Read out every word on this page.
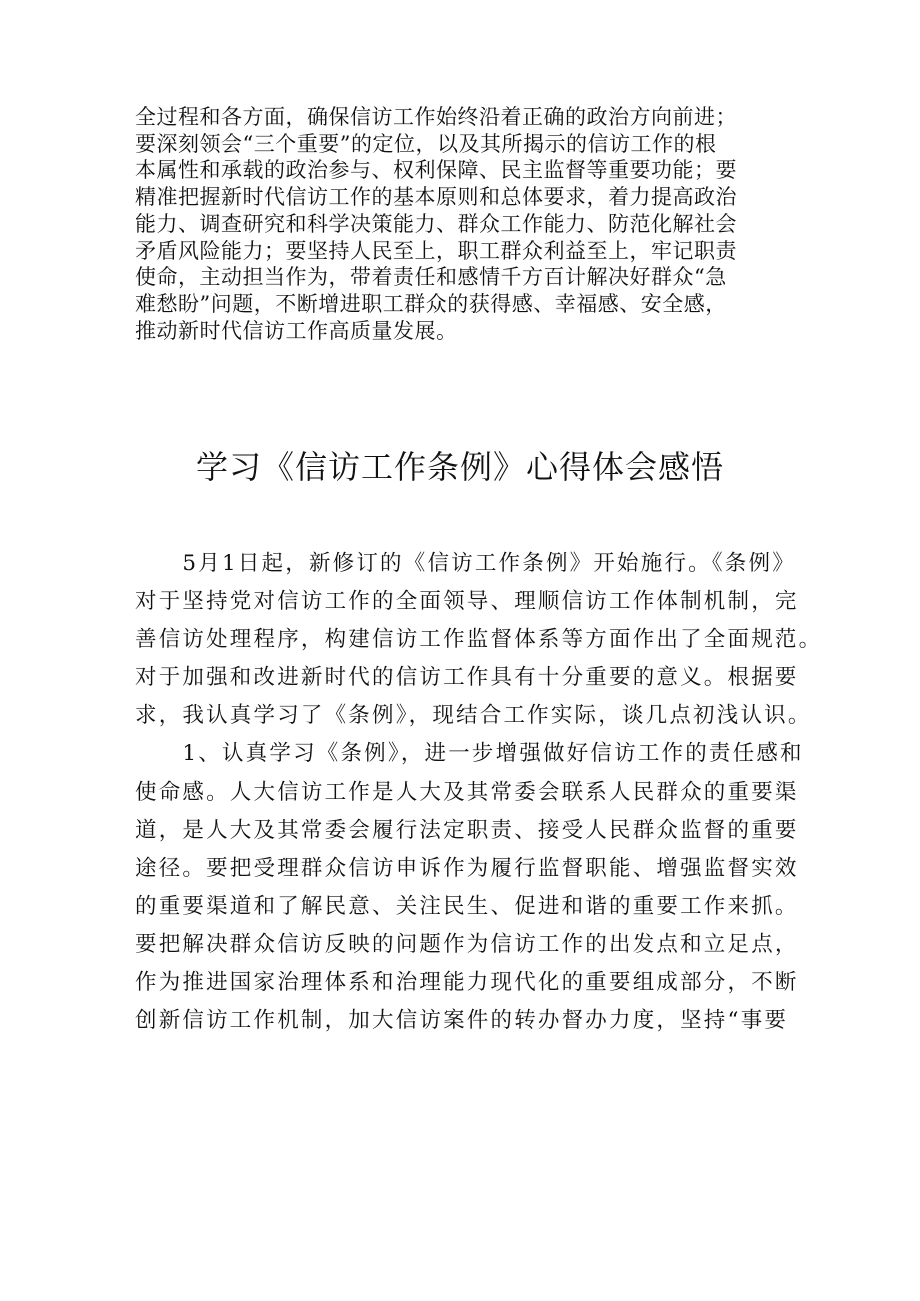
全过程和各方面，确保信访工作始终沿着正确的政治方向前进；
要深刻领会“三个重要”的定位，以及其所揭示的信访工作的根
本属性和承载的政治参与、权利保障、民主监督等重要功能；要
精准把握新时代信访工作的基本原则和总体要求，着力提高政治
能力、调查研究和科学决策能力、群众工作能力、防范化解社会
矛盾风险能力；要坚持人民至上，职工群众利益至上，牢记职责
使命，主动担当作为，带着责任和感情千方百计解决好群众“急
难愁盼”问题，不断增进职工群众的获得感、幸福感、安全感，
推动新时代信访工作高质量发展。
学习《信访工作条例》心得体会感悟
　　5月1日起，新修订的《信访工作条例》开始施行。《条例》
对于坚持党对信访工作的全面领导、理顺信访工作体制机制，完
善信访处理程序，构建信访工作监督体系等方面作出了全面规范。
对于加强和改进新时代的信访工作具有十分重要的意义。根据要
求，我认真学习了《条例》，现结合工作实际，谈几点初浅认识。
　　1、认真学习《条例》，进一步增强做好信访工作的责任感和
使命感。人大信访工作是人大及其常委会联系人民群众的重要渠
道，是人大及其常委会履行法定职责、接受人民群众监督的重要
途径。要把受理群众信访申诉作为履行监督职能、增强监督实效
的重要渠道和了解民意、关注民生、促进和谐的重要工作来抓。
要把解决群众信访反映的问题作为信访工作的出发点和立足点，
作为推进国家治理体系和治理能力现代化的重要组成部分，不断
创新信访工作机制，加大信访案件的转办督办力度，坚持“事要
